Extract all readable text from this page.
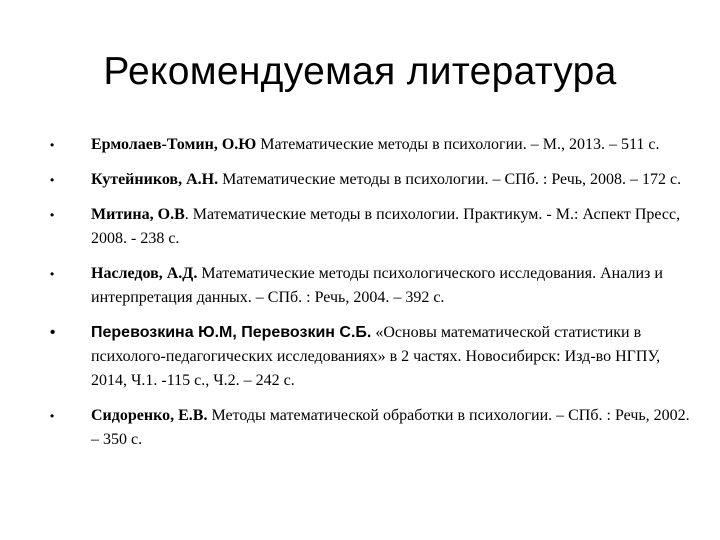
Рекомендуемая литература
• Ермолаев-Томин, О.Ю Математические методы в психологии. – М., 2013. – 511 с.
• Кутейников, А.Н. Математические методы в психологии. – СПб. : Речь, 2008. – 172 с.
• Митина, О.В. Математические методы в психологии. Практикум. - М.: Аспект Пресс, 2008. - 238 с.
• Наследов, А.Д. Математические методы психологического исследования. Анализ и интерпретация данных. – СПб. : Речь, 2004. – 392 с.
• Перевозкина Ю.М, Перевозкин С.Б. «Основы математической статистики в психолого-педагогических исследованиях» в 2 частях. Новосибирск: Изд-во НГПУ, 2014, Ч.1. -115 с., Ч.2. – 242 с.
• Сидоренко, Е.В. Методы математической обработки в психологии. – СПб. : Речь, 2002. – 350 с.
